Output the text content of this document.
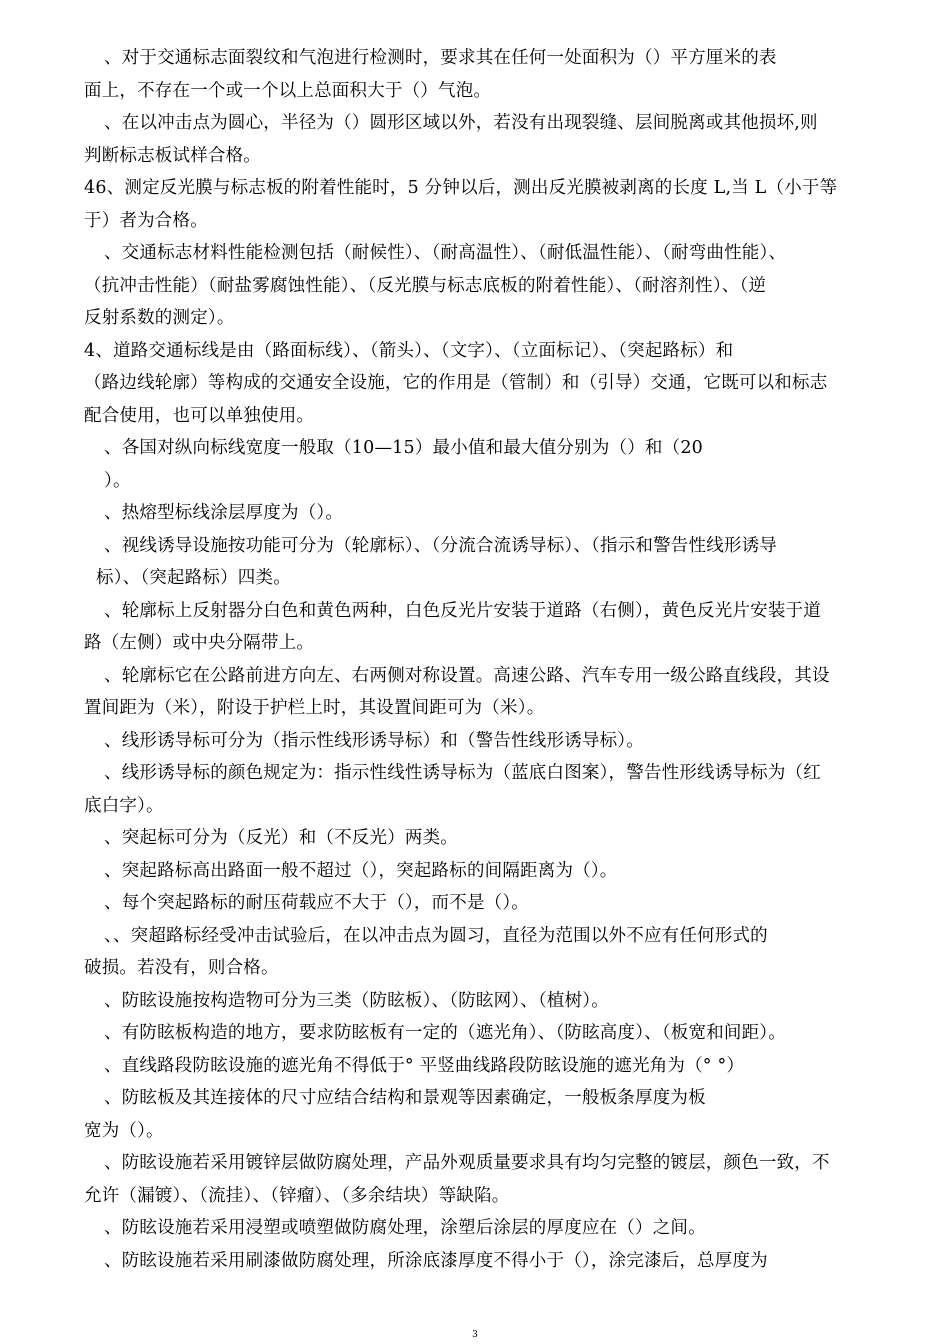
、对于交通标志面裂纹和气泡进行检测时，要求其在任何一处面积为（）平方厘米的表
面上，不存在一个或一个以上总面积大于（）气泡。
、在以冲击点为圆心，半径为（）圆形区域以外，若没有出现裂缝、层间脱离或其他损坏,则
判断标志板试样合格。
46、测定反光膜与标志板的附着性能时，5 分钟以后，测出反光膜被剥离的长度 L,当 L（小于等
于）者为合格。
、交通标志材料性能检测包括（耐候性）、（耐高温性）、（耐低温性能）、（耐弯曲性能）、
（抗冲击性能）（耐盐雾腐蚀性能）、（反光膜与标志底板的附着性能）、（耐溶剂性）、（逆
反射系数的测定）。
4、道路交通标线是由（路面标线）、（箭头）、（文字）、（立面标记）、（突起路标）和
（路边线轮廓）等构成的交通安全设施，它的作用是（管制）和（引导）交通，它既可以和标志
配合使用，也可以单独使用。
、各国对纵向标线宽度一般取（10—15）最小值和最大值分别为（）和（20
）。
、热熔型标线涂层厚度为（）。
、视线诱导设施按功能可分为（轮廓标）、（分流合流诱导标）、（指示和警告性线形诱导
标）、（突起路标）四类。
、轮廓标上反射器分白色和黄色两种，白色反光片安装于道路（右侧），黄色反光片安装于道
路（左侧）或中央分隔带上。
、轮廓标它在公路前进方向左、右两侧对称设置。高速公路、汽车专用一级公路直线段，其设
置间距为（米），附设于护栏上时，其设置间距可为（米）。
、线形诱导标可分为（指示性线形诱导标）和（警告性线形诱导标）。
、线形诱导标的颜色规定为：指示性线性诱导标为（蓝底白图案），警告性形线诱导标为（红
底白字）。
、突起标可分为（反光）和（不反光）两类。
、突起路标高出路面一般不超过（），突起路标的间隔距离为（）。
、每个突起路标的耐压荷载应不大于（），而不是（）。
、、突超路标经受冲击试验后，在以冲击点为圆习，直径为范围以外不应有任何形式的
破损。若没有，则合格。
、防眩设施按构造物可分为三类（防眩板）、（防眩网）、（植树）。
、有防眩板构造的地方，要求防眩板有一定的（遮光角）、（防眩高度）、（板宽和间距）。
、直线路段防眩设施的遮光角不得低于° 平竖曲线路段防眩设施的遮光角为（° °）
、防眩板及其连接体的尺寸应结合结构和景观等因素确定，一般板条厚度为板
宽为（）。
、防眩设施若采用镀锌层做防腐处理，产品外观质量要求具有均匀完整的镀层，颜色一致，不
允许（漏镀）、（流挂）、（锌瘤）、（多余结块）等缺陷。
、防眩设施若采用浸塑或喷塑做防腐处理，涂塑后涂层的厚度应在（）之间。
、防眩设施若采用刷漆做防腐处理，所涂底漆厚度不得小于（），涂完漆后，总厚度为
3
